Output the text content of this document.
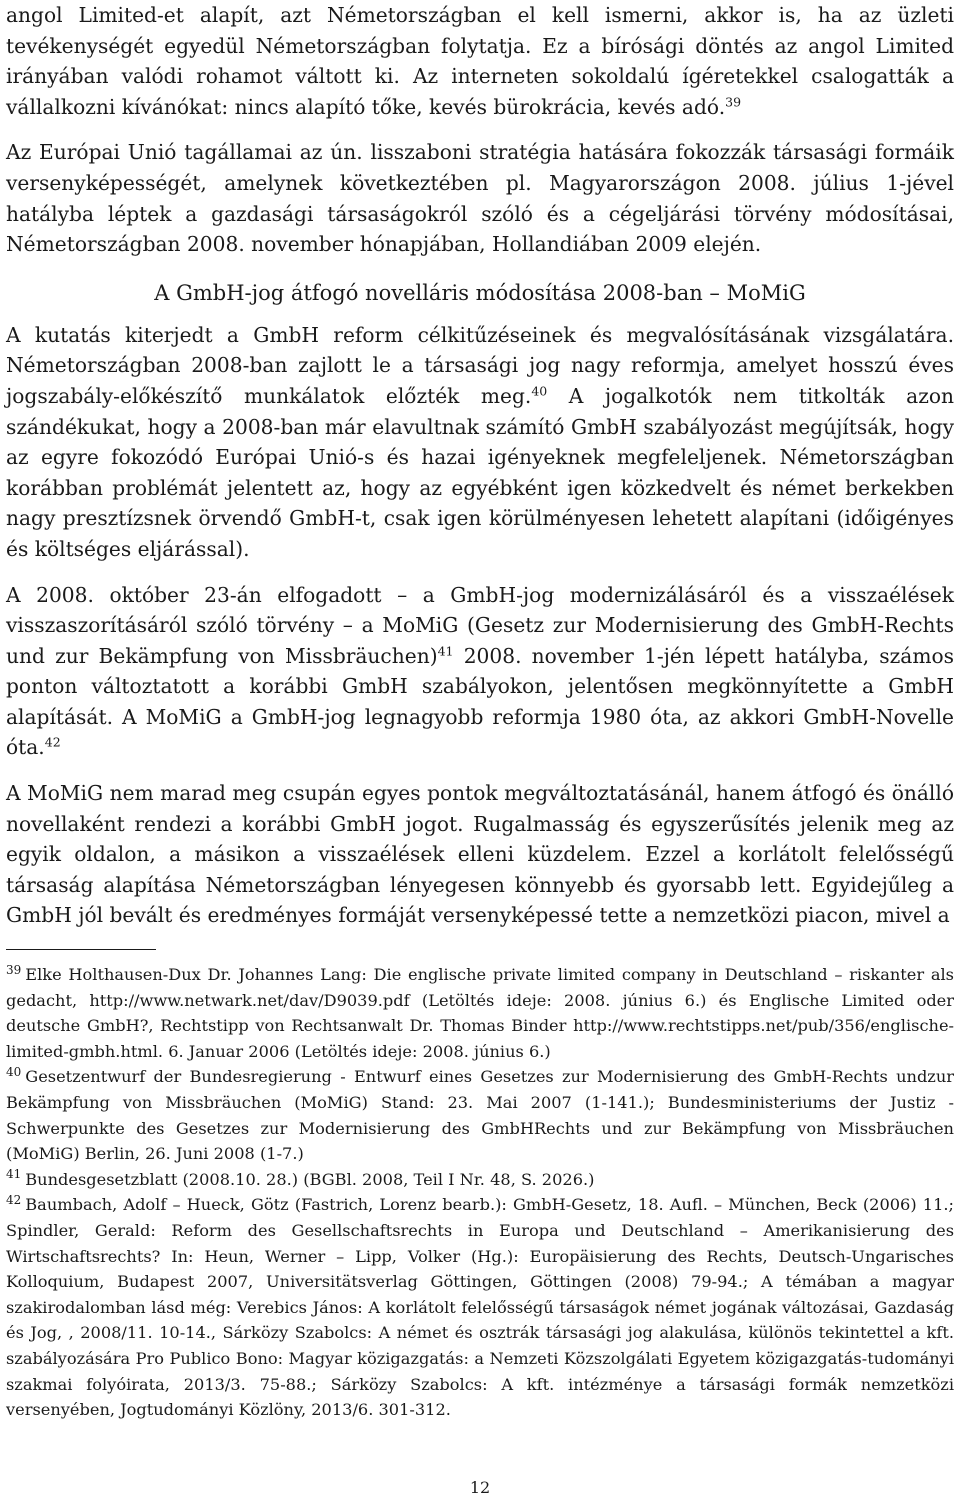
angol Limited-et alapít, azt Németországban el kell ismerni, akkor is, ha az üzleti tevékenységét egyedül Németországban folytatja. Ez a bírósági döntés az angol Limited irányában valódi rohamot váltott ki. Az interneten sokoldalú ígéretekkel csalogatták a vállalkozni kívánókat: nincs alapító tőke, kevés bürokrácia, kevés adó.$^{39}$

Az Európai Unió tagállamai az ún. lisszaboni stratégia hatására fokozzák társasági formáik versenyképességét, amelynek következtében pl. Magyarországon 2008. július 1-jével hatályba léptek a gazdasági társaságokról szóló és a cégeljárási törvény módosításai, Németországban 2008. november hónapjában, Hollandiában 2009 elején.

A GmbH-jog átfogó novelláris módosítása 2008-ban – MoMiG

A kutatás kiterjedt a GmbH reform célkitűzéseinek és megvalósításának vizsgálatára. Németországban 2008-ban zajlott le a társasági jog nagy reformja, amelyet hosszú éves jogszabály-előkészítő munkálatok előzték meg.$^{40}$ A jogalkotók nem titkolták azon szándékukat, hogy a 2008-ban már elavultnak számító GmbH szabályozást megújítsák, hogy az egyre fokozódó Európai Unió-s és hazai igényeknek megfeleljenek. Németországban korábban problémát jelentett az, hogy az egyébként igen közkedvelt és német berkekben nagy presztízsnek örvendő GmbH-t, csak igen körülményesen lehetett alapítani (időigényes és költséges eljárással).

A 2008. október 23-án elfogadott – a GmbH-jog modernizálásáról és a visszaélések visszaszorításáról szóló törvény – a MoMiG (Gesetz zur Modernisierung des GmbH-Rechts und zur Bekämpfung von Missbräuchen)$^{41}$ 2008. november 1-jén lépett hatályba, számos ponton változtatott a korábbi GmbH szabályokon, jelentősen megkönnyítette a GmbH alapítását. A MoMiG a GmbH-jog legnagyobb reformja 1980 óta, az akkori GmbH-Novelle óta.$^{42}$

A MoMiG nem marad meg csupán egyes pontok megváltoztatásánál, hanem átfogó és önálló novellaként rendezi a korábbi GmbH jogot. Rugalmasság és egyszerűsítés jelenik meg az egyik oldalon, a másikon a visszaélések elleni küzdelem. Ezzel a korlátolt felelősségű társaság alapítása Németországban lényegesen könnyebb és gyorsabb lett. Egyidejűleg a GmbH jól bevált és eredményes formáját versenyképessé tette a nemzetközi piacon, mivel a

$^{39}$ Elke Holthausen-Dux Dr. Johannes Lang: Die englische private limited company in Deutschland – riskanter als gedacht, http://www.netwark.net/dav/D9039.pdf (Letöltés ideje: 2008. június 6.) és Englische Limited oder deutsche GmbH?, Rechtstipp von Rechtsanwalt Dr. Thomas Binder http://www.rechtstipps.net/pub/356/englische-limited-gmbh.html. 6. Januar 2006 (Letöltés ideje: 2008. június 6.)

$^{40}$ Gesetzentwurf der Bundesregierung - Entwurf eines Gesetzes zur Modernisierung des GmbH-Rechts undzur Bekämpfung von Missbräuchen (MoMiG) Stand: 23. Mai 2007 (1-141.); Bundesministeriums der Justiz - Schwerpunkte des Gesetzes zur Modernisierung des GmbHRechts und zur Bekämpfung von Missbräuchen (MoMiG) Berlin, 26. Juni 2008 (1-7.)

$^{41}$ Bundesgesetzblatt (2008.10. 28.) (BGBl. 2008, Teil I Nr. 48, S. 2026.)

$^{42}$ Baumbach, Adolf – Hueck, Götz (Fastrich, Lorenz bearb.): GmbH-Gesetz, 18. Aufl. – München, Beck (2006) 11.; Spindler, Gerald: Reform des Gesellschaftsrechts in Europa und Deutschland – Amerikanisierung des Wirtschaftsrechts? In: Heun, Werner – Lipp, Volker (Hg.): Europäisierung des Rechts, Deutsch-Ungarisches Kolloquium, Budapest 2007, Universitätsverlag Göttingen, Göttingen (2008) 79-94.; A témában a magyar szakirodalomban lásd még: Verebics János: A korlátolt felelősségű társaságok német jogának változásai, Gazdaság és Jog, , 2008/11. 10-14., Sárközy Szabolcs: A német és osztrák társasági jog alakulása, különös tekintettel a kft. szabályozására Pro Publico Bono: Magyar közigazgatás: a Nemzeti Közszolgálati Egyetem közigazgatás-tudományi szakmai folyóirata, 2013/3. 75-88.; Sárközy Szabolcs: A kft. intézménye a társasági formák nemzetközi versenyében, Jogtudományi Közlöny, 2013/6. 301-312.

12
